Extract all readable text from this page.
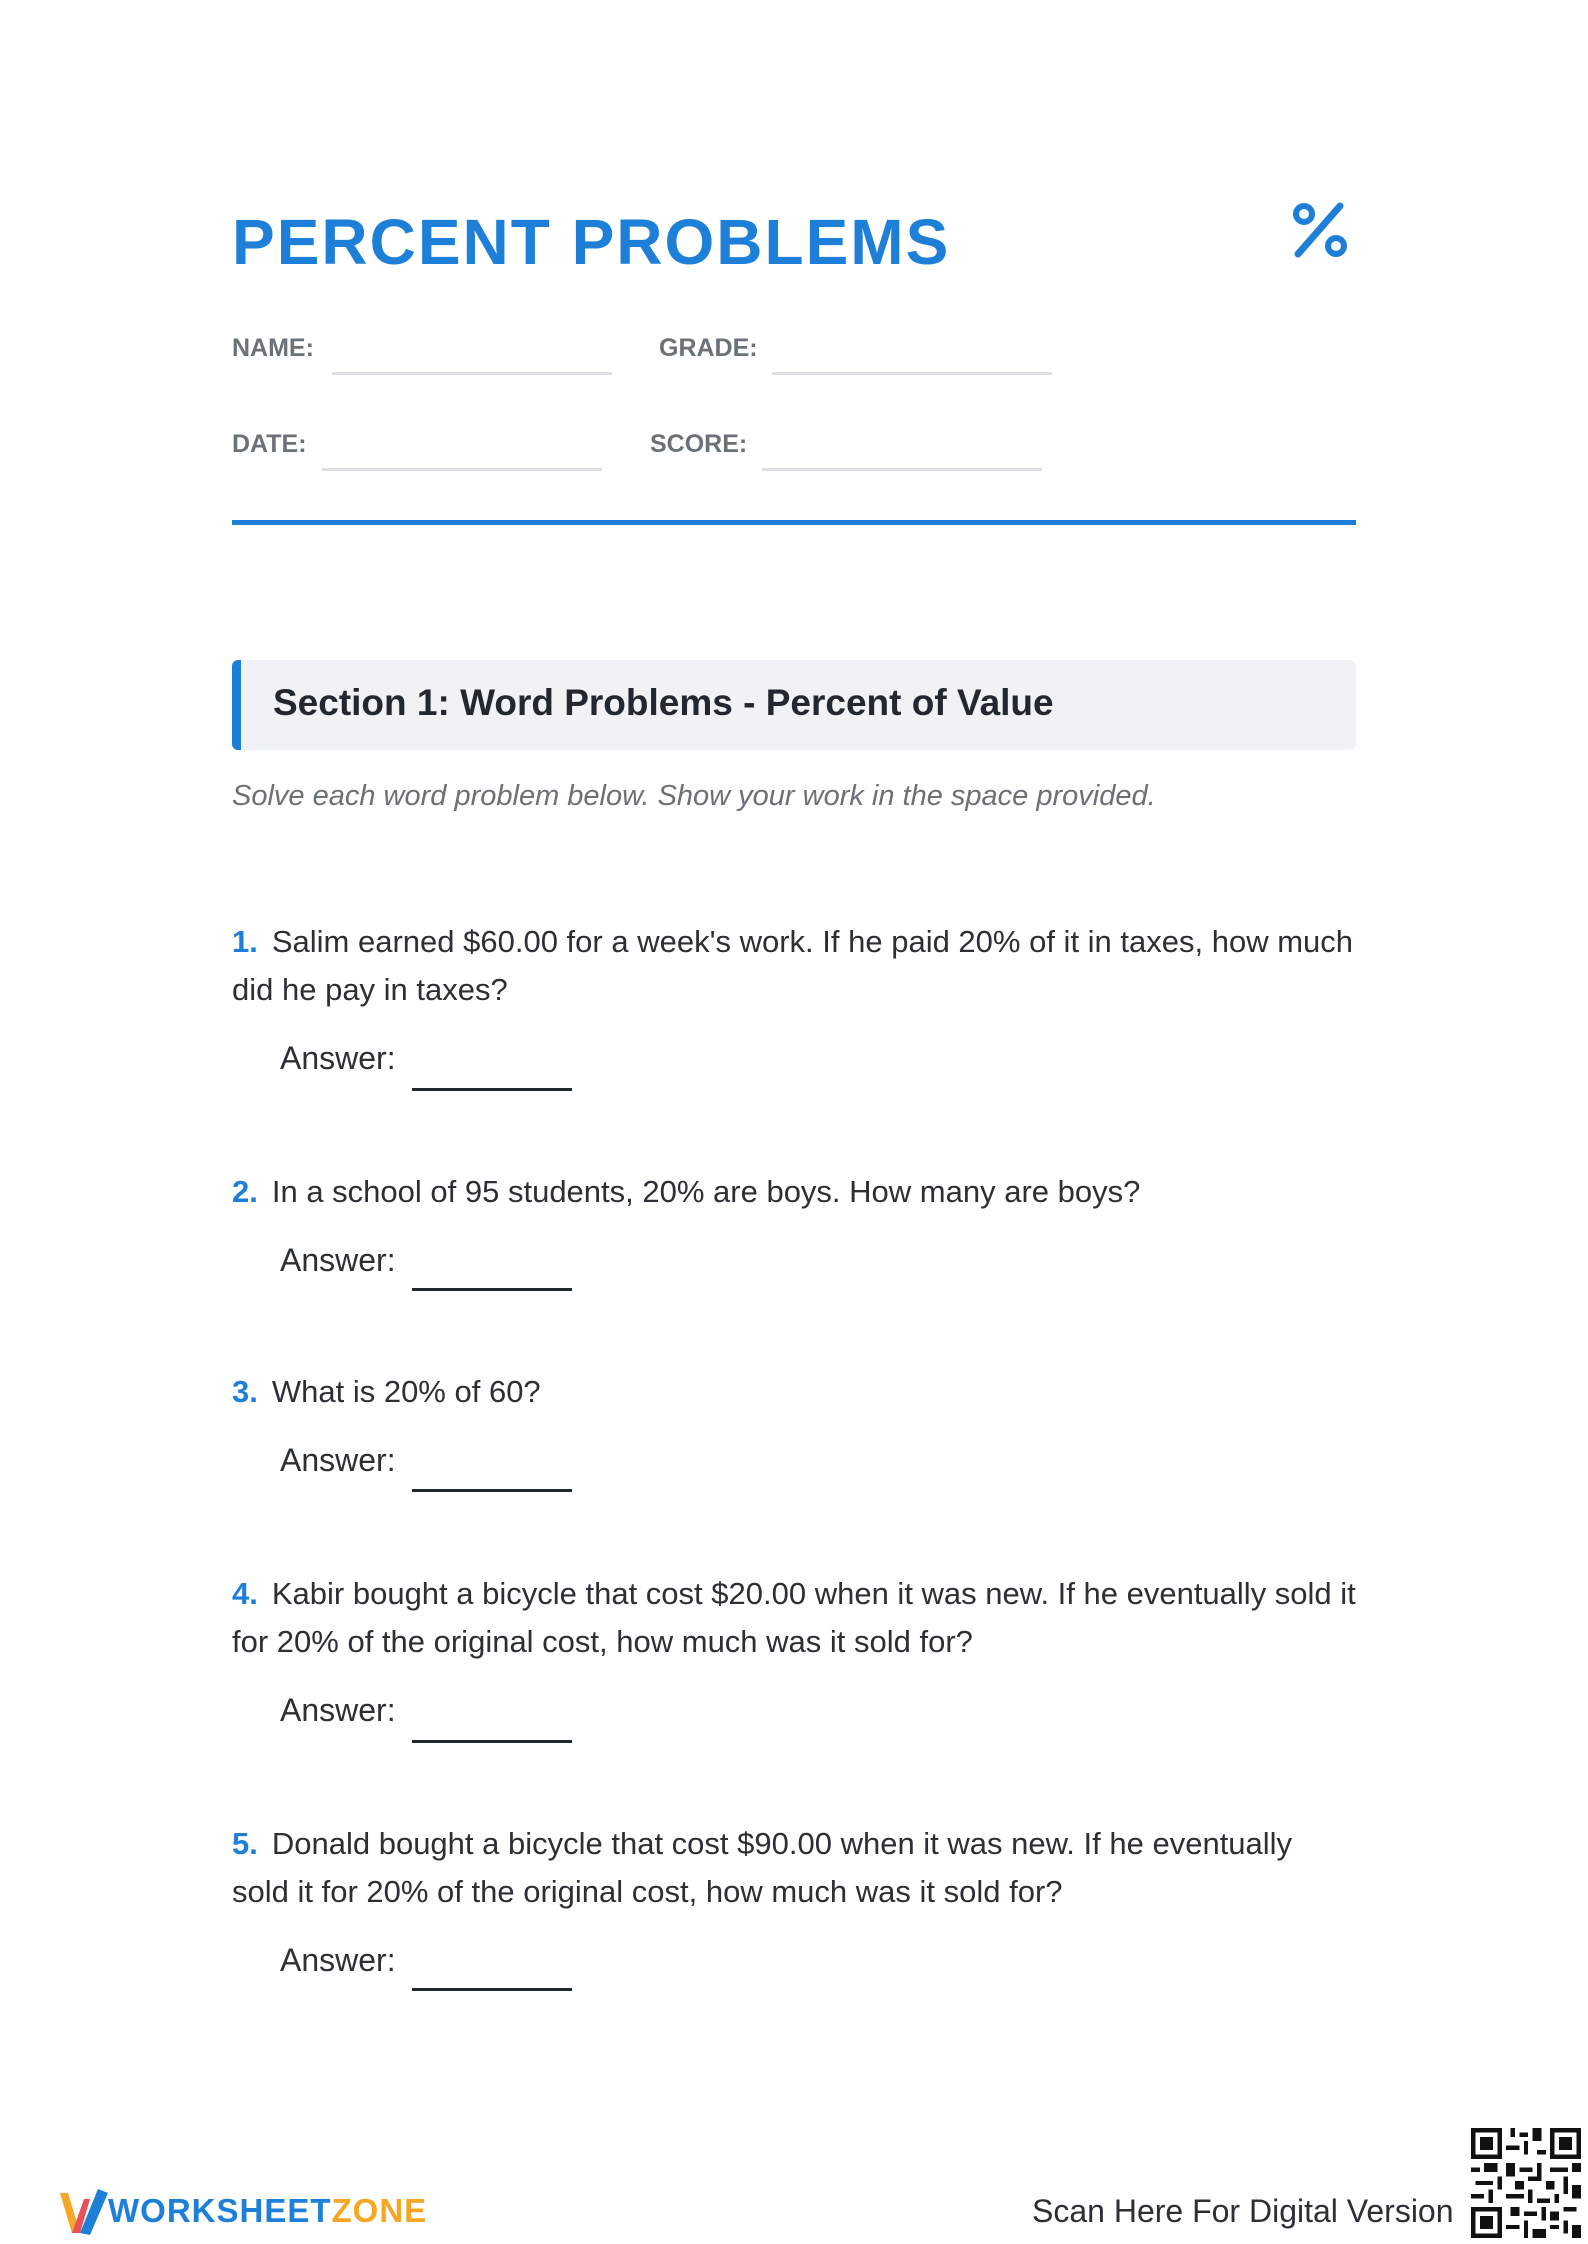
PERCENT PROBLEMS
NAME:	GRADE:
DATE:	SCORE:
Section 1: Word Problems - Percent of Value
Solve each word problem below. Show your work in the space provided.
1. Salim earned $60.00 for a week's work. If he paid 20% of it in taxes, how much did he pay in taxes?
Answer:
2. In a school of 95 students, 20% are boys. How many are boys?
Answer:
3. What is 20% of 60?
Answer:
4. Kabir bought a bicycle that cost $20.00 when it was new. If he eventually sold it for 20% of the original cost, how much was it sold for?
Answer:
5. Donald bought a bicycle that cost $90.00 when it was new. If he eventually sold it for 20% of the original cost, how much was it sold for?
Answer:
WORKSHEETZONE	Scan Here For Digital Version
